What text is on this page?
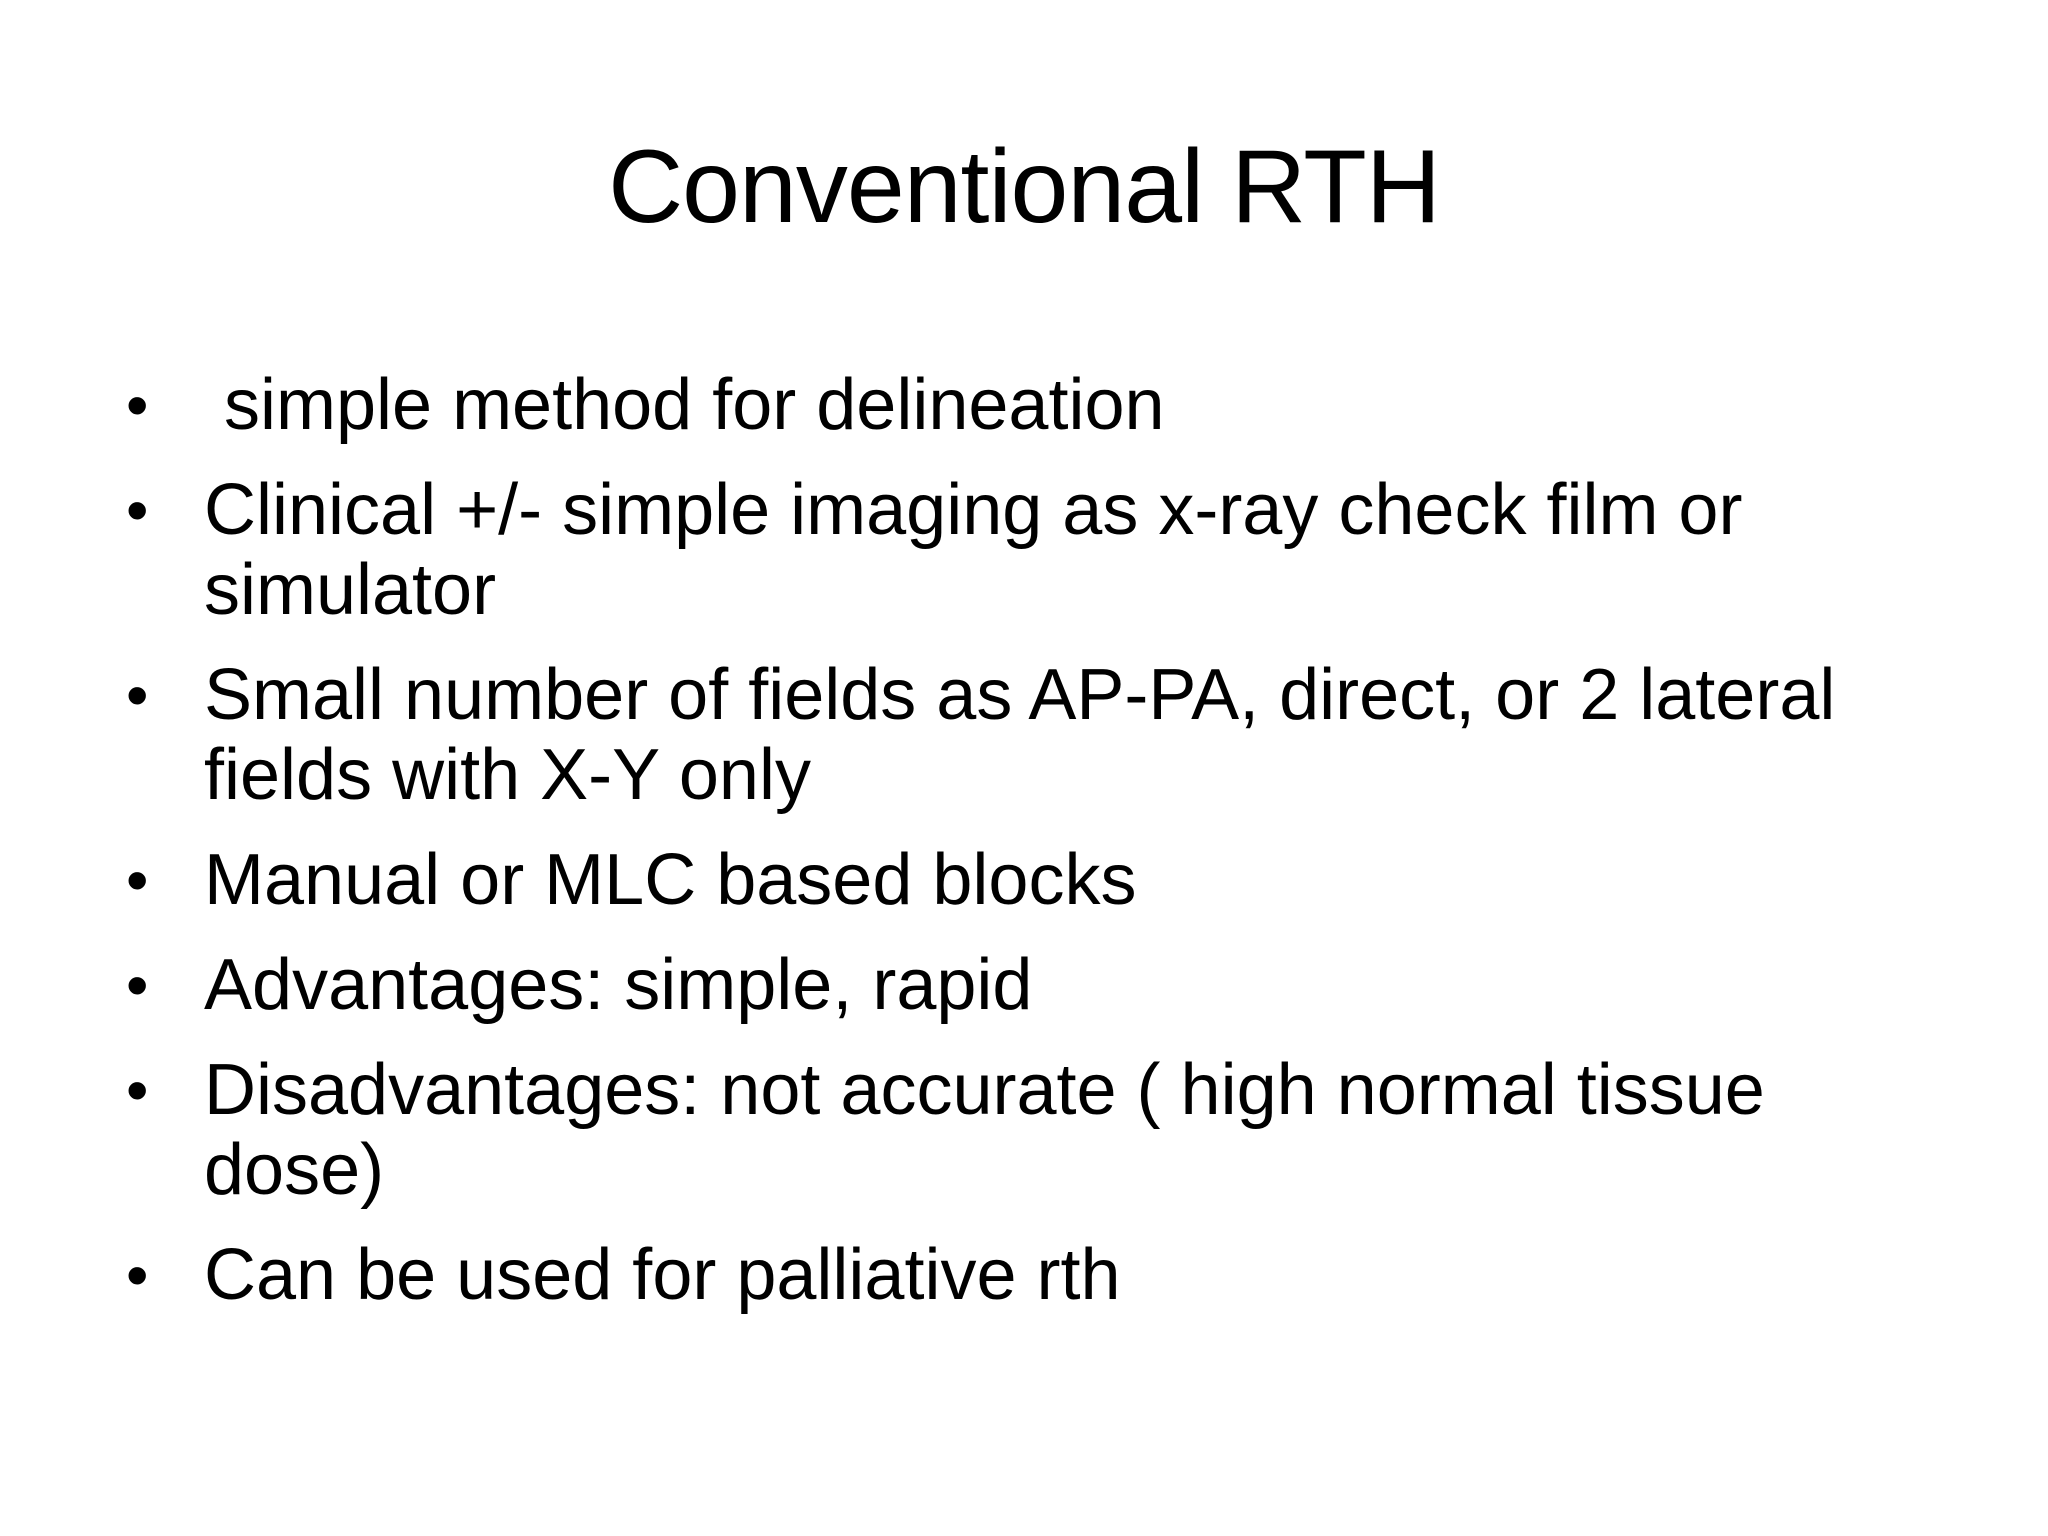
Conventional RTH
• simple method for delineation
• Clinical +/- simple imaging as x-ray check film or simulator
• Small number of fields as AP-PA, direct, or 2 lateral fields with X-Y only
• Manual or MLC based blocks
• Advantages: simple, rapid
• Disadvantages: not accurate ( high normal tissue dose)
• Can be used for palliative rth
